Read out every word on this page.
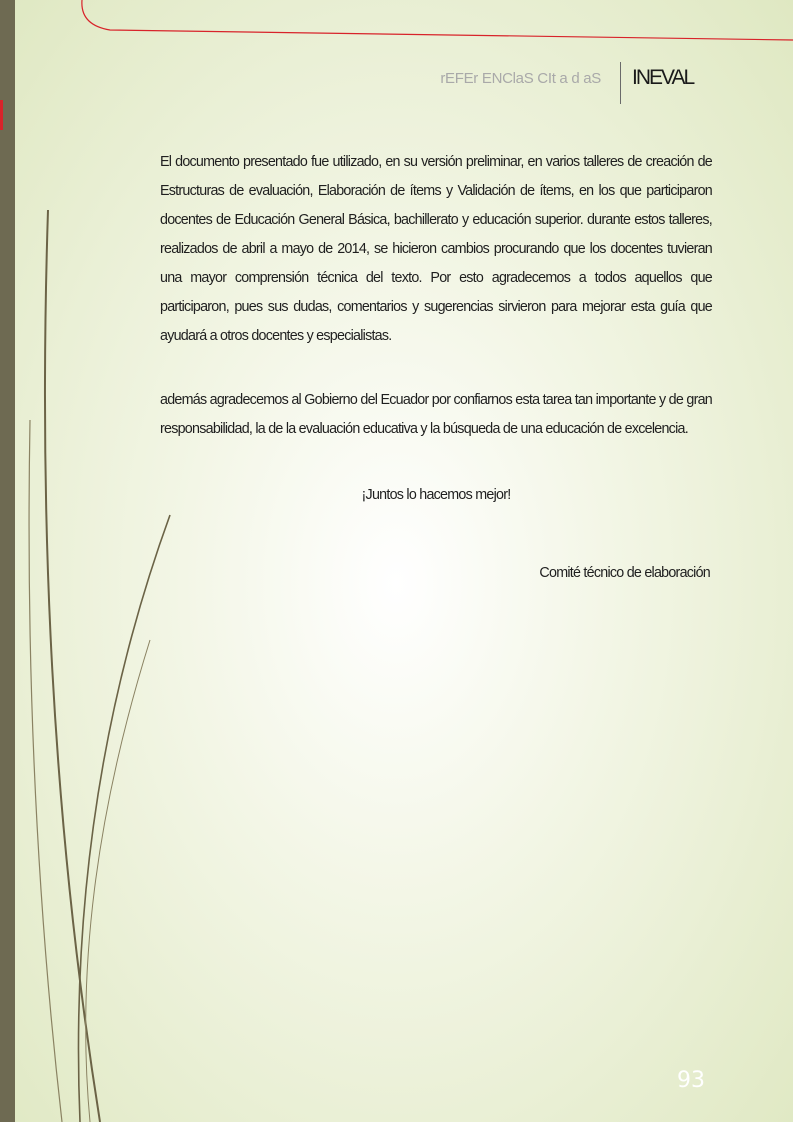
rEFEr ENClaS CIt a d aS INEVAL

El documento presentado fue utilizado, en su versión preliminar, en varios talleres de creación de Estructuras de evaluación, Elaboración de ítems y Validación de ítems, en los que participaron docentes de Educación General Básica, bachillerato y educación superior. durante estos talleres, realizados de abril a mayo de 2014, se hicieron cambios procurando que los docentes tuvieran una mayor comprensión técnica del texto. Por esto agradecemos a todos aquellos que participaron, pues sus dudas, comentarios y sugerencias sirvieron para mejorar esta guía que ayudará a otros docentes y especialistas.

además agradecemos al Gobierno del Ecuador por confiarnos esta tarea tan importante y de gran responsabilidad, la de la evaluación educativa y la búsqueda de una educación de excelencia.

¡Juntos lo hacemos mejor!
Comité técnico de elaboración
93
